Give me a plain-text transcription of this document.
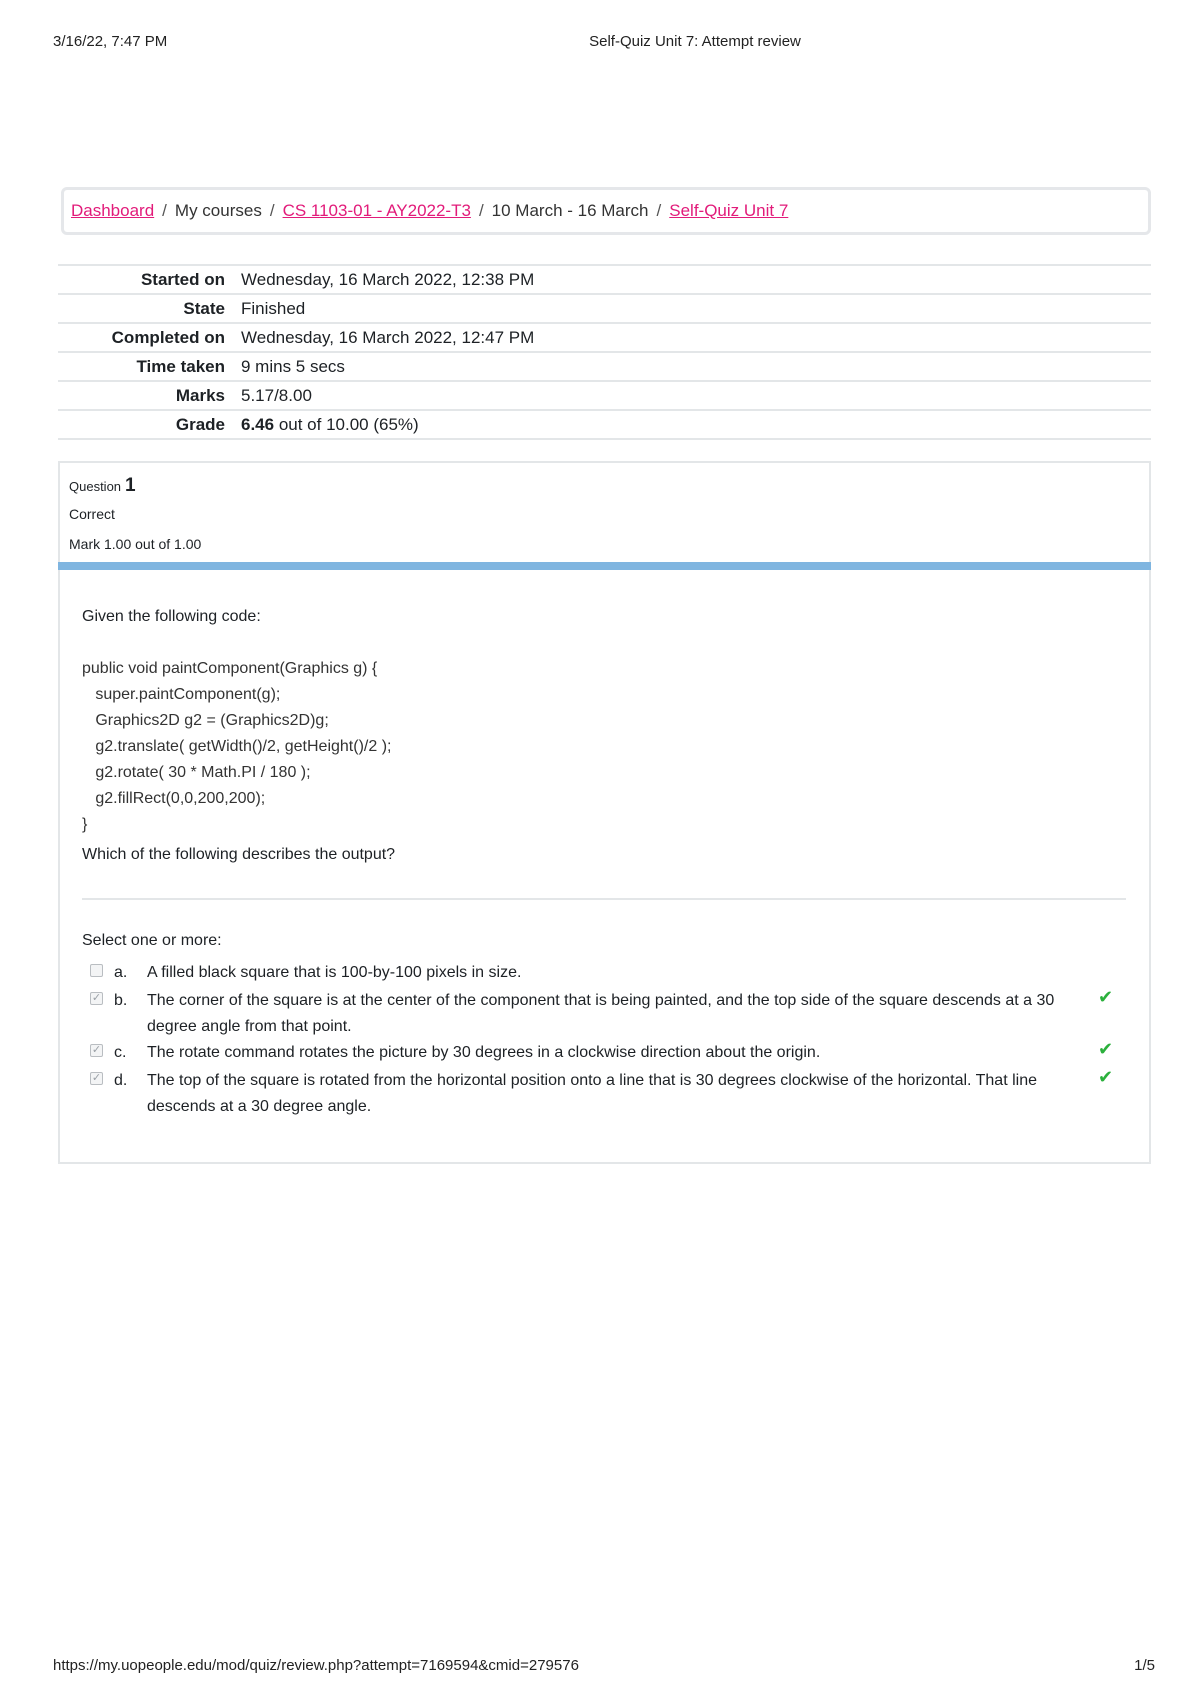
3/16/22, 7:47 PM	Self-Quiz Unit 7: Attempt review
Dashboard / My courses / CS 1103-01 - AY2022-T3 / 10 March - 16 March / Self-Quiz Unit 7
Started on	Wednesday, 16 March 2022, 12:38 PM
State	Finished
Completed on	Wednesday, 16 March 2022, 12:47 PM
Time taken	9 mins 5 secs
Marks	5.17/8.00
Grade	6.46 out of 10.00 (65%)
Question 1
Correct
Mark 1.00 out of 1.00
Given the following code:
public void paintComponent(Graphics g) {
super.paintComponent(g);
Graphics2D g2 = (Graphics2D)g;
g2.translate( getWidth()/2, getHeight()/2 );
g2.rotate( 30 * Math.PI / 180 );
g2.fillRect(0,0,200,200);
}
Which of the following describes the output?
Select one or more:
a. A filled black square that is 100-by-100 pixels in size.
✓ b. The corner of the square is at the center of the component that is being painted, and the top side of the square descends at a 30 degree angle from that point.
✔
✓ c. The rotate command rotates the picture by 30 degrees in a clockwise direction about the origin.	✔
✓ d. The top of the square is rotated from the horizontal position onto a line that is 30 degrees clockwise of the horizontal. That line descends at a 30 degree angle.
✔
https://my.uopeople.edu/mod/quiz/review.php?attempt=7169594&cmid=279576	1/5
